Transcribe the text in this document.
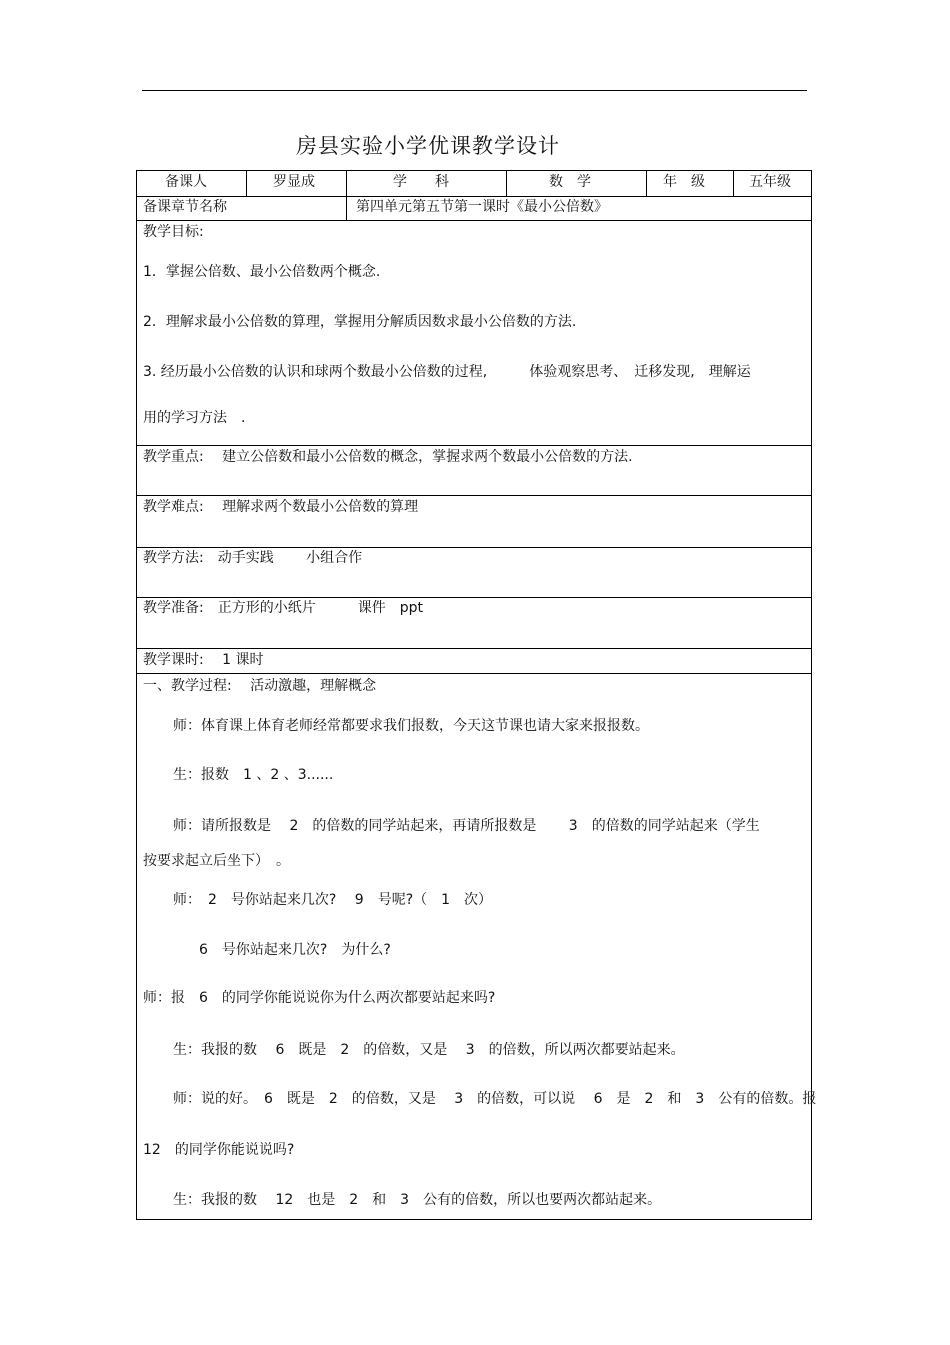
房县实验小学优课教学设计
备课人	罗显成	学　　科	数　学	年　级	五年级
备课章节名称	第四单元第五节第一课时《最小公倍数》
教学目标:
1．掌握公倍数、最小公倍数两个概念.
2．理解求最小公倍数的算理，掌握用分解质因数求最小公倍数的方法.
3. 经历最小公倍数的认识和球两个数最小公倍数的过程,　　　体验观察思考、　迁移发现,　理解运
用的学习方法　.
教学重点:　 建立公倍数和最小公倍数的概念，掌握求两个数最小公倍数的方法.
教学难点:　 理解求两个数最小公倍数的算理
教学方法:　动手实践　　 小组合作
教学准备:　正方形的小纸片　　　课件　ppt
教学课时:　 1 课时
一、教学过程:　 活动激趣，理解概念
师：体育课上体育老师经常都要求我们报数，今天这节课也请大家来报报数。
生：报数　1 、2 、3......
师：请所报数是　 2　的倍数的同学站起来，再请所报数是　　 3　的倍数的同学站起来（学生
按要求起立后坐下）　。
师：　2　号你站起来几次?　 9　号呢?（　1　次）
6　号你站起来几次?　为什么?
师：报　6　的同学你能说说你为什么两次都要站起来吗?
生：我报的数　 6　既是　2　的倍数，又是　 3　的倍数，所以两次都要站起来。
师：说的好。　6　既是　2　的倍数，又是　 3　的倍数，可以说　 6　是　2　和　3　公有的倍数。报
12　的同学你能说说吗?
生：我报的数　 12　也是　2　和　3　公有的倍数，所以也要两次都站起来。
